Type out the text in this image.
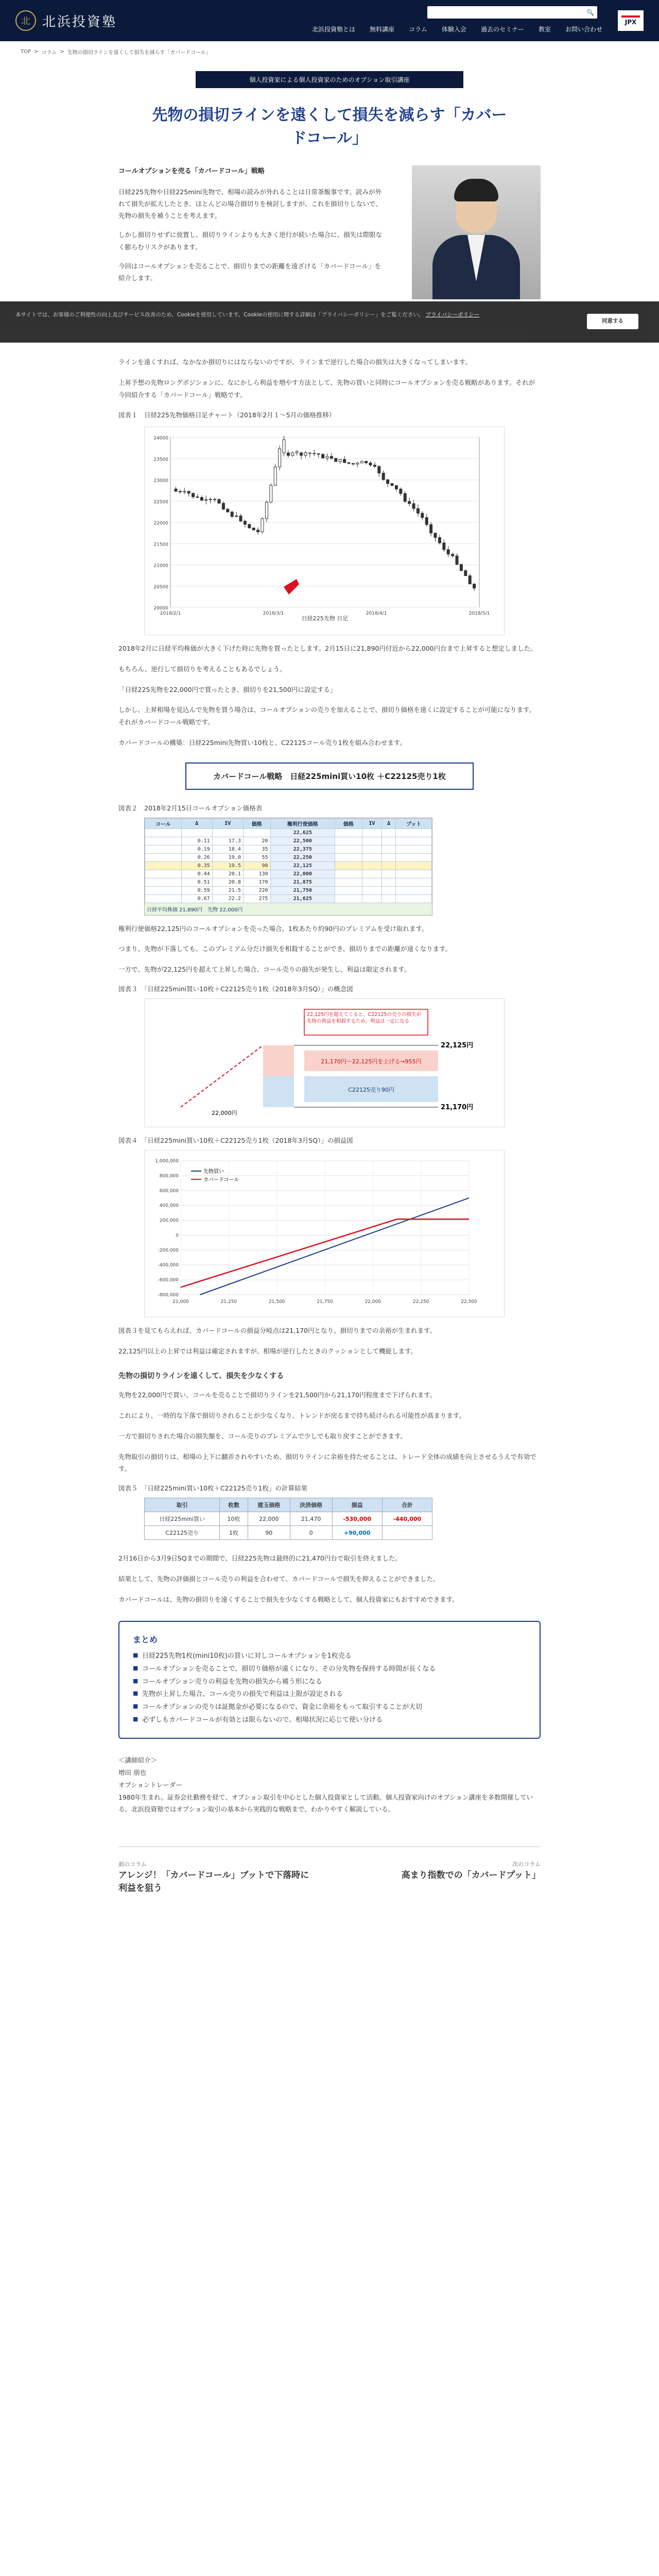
北 北浜投資塾
🔍
北浜投資塾とは 無料講座 コラム 体験入会 過去のセミナー 教室 お問い合わせ
JPX
TOP > コラム > 先物の損切ラインを遠くして損失を減らす「カバードコール」
個人投資家による個人投資家のためのオプション取引講座
先物の損切ラインを遠くして損失を減らす「カバードコール」
コールオプションを売る「カバードコール」戦略

日経225先物や日経225mini先物で、相場の読みが外れることは日常茶飯事です。読みが外れて損失が拡大したとき、ほとんどの場合損切りを検討しますが、これを損切りしないで、先物の損失を補うことを考えます。

しかし損切りせずに放置し、損切りラインよりも大きく逆行が続いた場合に、損失は際限なく膨らむリスクがあります。

今回はコールオプションを売ることで、損切りまでの距離を遠ざける「カバードコール」を紹介します。

ラインを遠くすれば、なかなか損切りにはならないのですが、ラインまで逆行した場合の損失は大きくなってしまいます。

上昇予想の先物ロングポジションに、なにかしら利益を増やす方法として、先物の買いと同時にコールオプションを売る戦略があります。それが今回紹介する「カバードコール」戦略です。

図表１　日経225先物価格日足チャート（2018年2月１〜5月の価格推移）
24000
23500
23000
22500
22000
21500
21000
20500
20000
2018/2/1	2018/3/1	2018/4/1	2018/5/1
日経225先物 日足

2018年2月に日経平均株価が大きく下げた時に先物を買ったとします。2月15日に21,890円付近から22,000円台まで上昇すると想定しました。

もちろん、逆行して損切りを考えることもあるでしょう。

「日経225先物を22,000円で買ったとき、損切りを21,500円に設定する」

しかし、上昇相場を見込んで先物を買う場合は、コールオプションの売りを加えることで、損切り価格を遠くに設定することが可能になります。それがカバードコール戦略です。

カバードコールの構築：日経225mini先物買い10枚と、C22125コール売り1枚を組み合わせます。

カバードコール戦略　日経225mini買い10枚 ＋C22125売り1枚
図表２　2018年2月15日コールオプション価格表
コール	Δ	IV	価格	権利行使価格	価格	IV	Δ	プット
				22,625				
	0.11	17.3	20	22,500				
	0.19	18.4	35	22,375				
	0.26	19.0	55	22,250				
	0.35	19.5	90	22,125				
	0.44	20.1	130	22,000				
	0.51	20.8	170	21,875				
	0.59	21.5	220	21,750				
	0.67	22.2	275	21,625				
日経平均株価 21,890円　先物 22,000円

権利行使価格22,125円のコールオプションを売った場合、1枚あたり約90円のプレミアムを受け取れます。

つまり、先物が下落しても、このプレミアム分だけ損失を相殺することができ、損切りまでの距離が遠くなります。

一方で、先物が22,125円を超えて上昇した場合、コール売りの損失が発生し、利益は限定されます。

図表３　「日経225mini買い10枚＋C22125売り1枚（2018年3月SQ）」の概念図
22,125円を超えてくると、C22125の売りの損失が先物の利益を相殺するため、利益は一定になる
22,125円
21,170円
21,170円〜22,125円を上げる→955円
C22125売り90円
22,000円
図表４　「日経225mini買い10枚＋C22125売り1枚（2018年3月SQ）」の損益図
1,000,000
800,000
600,000
400,000
200,000
0
-200,000
-400,000
-600,000
-800,000
21,000	21,250	21,500	21,750	22,000	22,250	22,500
先物買い
カバードコール

図表３を見てもらえれば、カバードコールの損益分岐点は21,170円となり、損切りまでの余裕が生まれます。

22,125円以上の上昇では利益は確定されますが、相場が逆行したときのクッションとして機能します。

先物の損切りラインを遠くして、損失を少なくする

先物を22,000円で買い、コールを売ることで損切りラインを21,500円から21,170円程度まで下げられます。

これにより、一時的な下落で損切りされることが少なくなり、トレンドが戻るまで持ち続けられる可能性が高まります。

一方で損切りされた場合の損失額を、コール売りのプレミアムで少しでも取り戻すことができます。

先物取引の損切りは、相場の上下に翻弄されやすいため、損切りラインに余裕を持たせることは、トレード全体の成績を向上させるうえで有効です。

図表５　「日経225mini買い10枚＋C22125売り1枚」の計算結果
取引	枚数	建玉価格	決済価格	損益	合計
日経225mini買い	10枚	22,000	21,470	-530,000	-440,000
C22125売り	1枚	90	0	+90,000	

2月16日から3月9日SQまでの期間で、日経225先物は最終的に21,470円台で取引を終えました。

結果として、先物の評価損とコール売りの利益を合わせて、カバードコールで損失を抑えることができました。

カバードコールは、先物の損切りを遠くすることで損失を少なくする戦略として、個人投資家にもおすすめできます。

まとめ
■ 日経225先物1枚(mini10枚)の買いに対しコールオプションを1枚売る
■ コールオプションを売ることで、損切り価格が遠くになり、その分先物を保持する時間が長くなる
■ コールオプション売りの利益を先物の損失から補う形になる
■ 先物が上昇した場合、コール売りの損失で利益は上限が設定される
■ コールオプションの売りは証拠金が必要になるので、資金に余裕をもって取引することが大切
■ 必ずしもカバードコールが有効とは限らないので、相場状況に応じて使い分ける
＜講師紹介＞
増田 朋也
オプショントレーダー

1980年生まれ。証券会社勤務を経て、オプション取引を中心とした個人投資家として活動。個人投資家向けのオプション講座を多数開催している。北浜投資塾ではオプション取引の基本から実践的な戦略まで、わかりやすく解説している。

前のコラム
アレンジ！「カバードコール」ブットで下落時に利益を狙う
次のコラム
高まり指数での「カバードプット」
本サイトでは、お客様のご利便性の向上及びサービス改善のため、Cookieを使用しています。Cookieの使用に関する詳細は「プライバシーポリシー」をご覧ください。 プライバシーポリシー
同意する
